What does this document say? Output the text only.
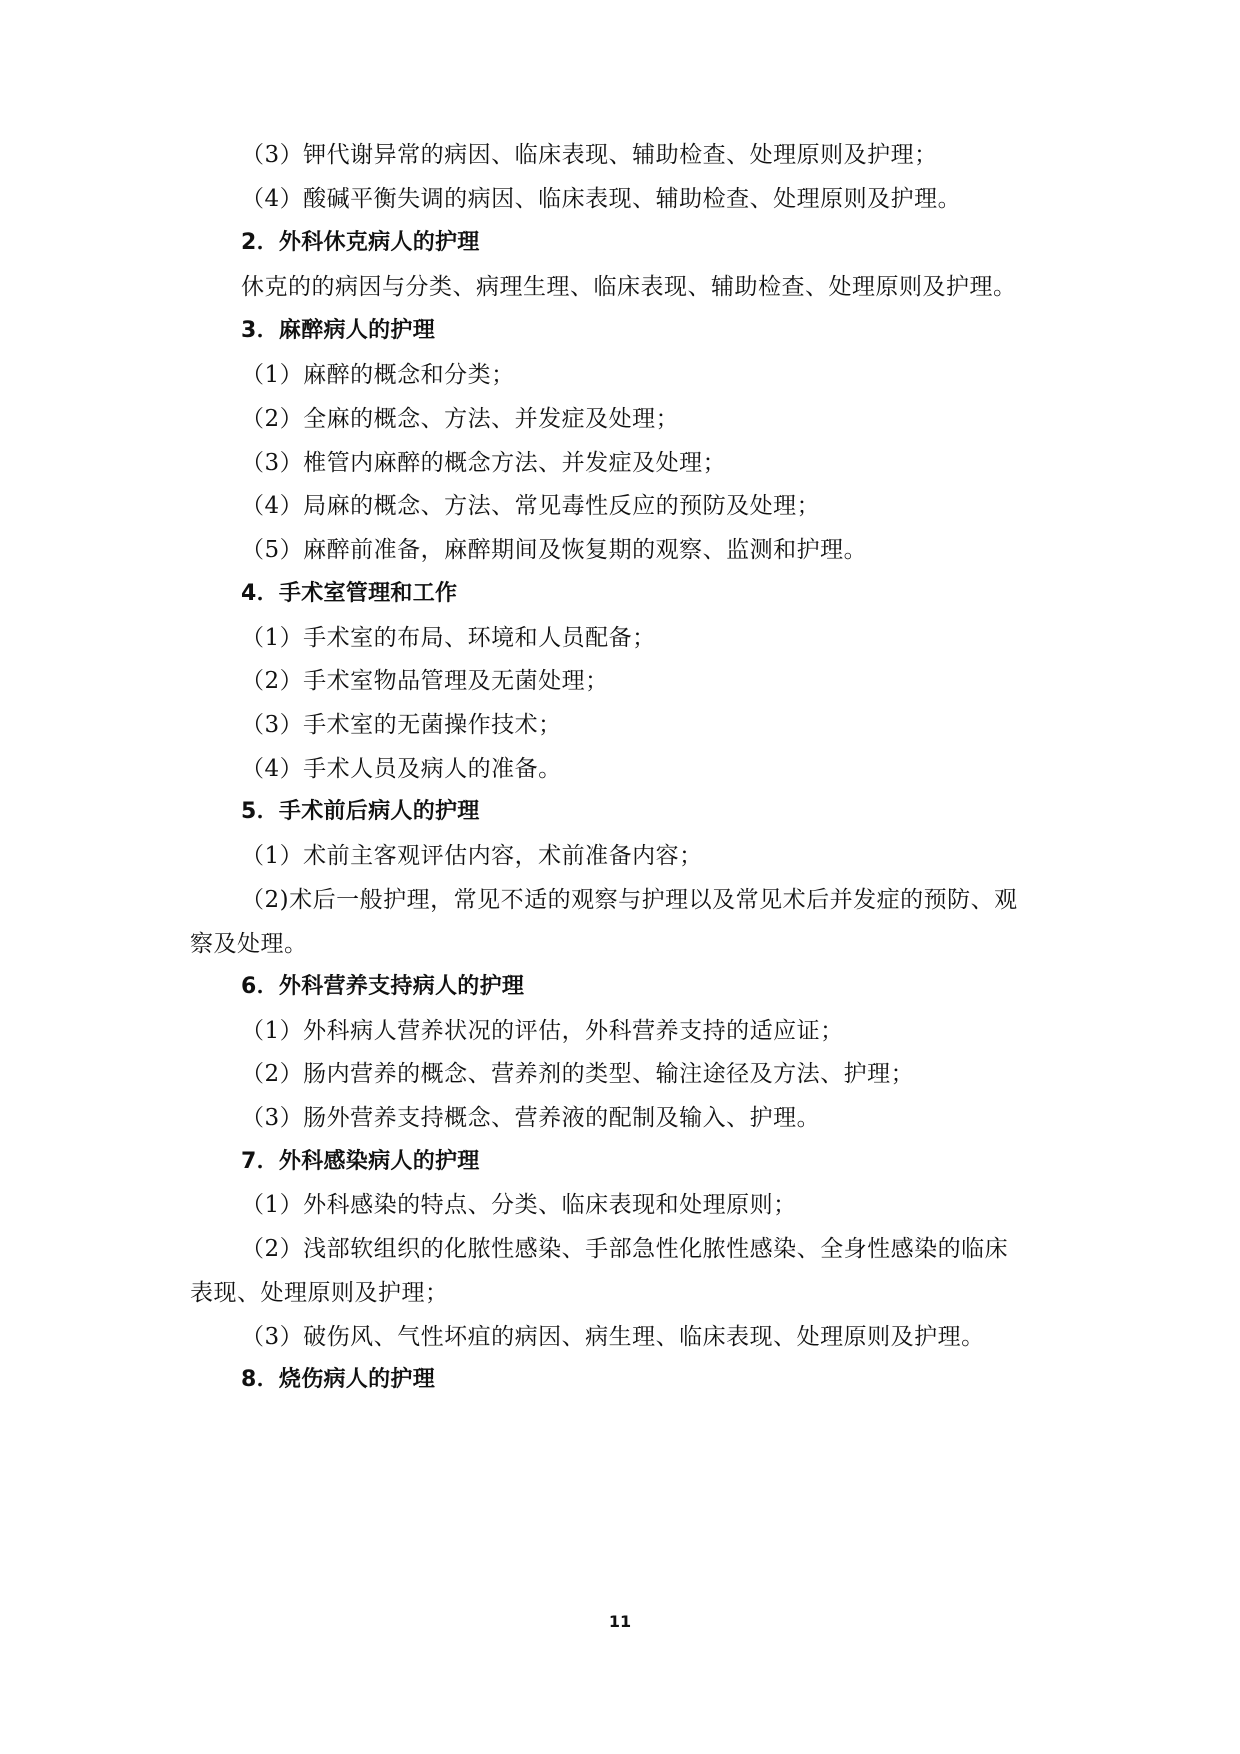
（3）钾代谢异常的病因、临床表现、辅助检查、处理原则及护理；
（4）酸碱平衡失调的病因、临床表现、辅助检查、处理原则及护理。
2．外科休克病人的护理
休克的的病因与分类、病理生理、临床表现、辅助检查、处理原则及护理。
3．麻醉病人的护理
（1）麻醉的概念和分类；
（2）全麻的概念、方法、并发症及处理；
（3）椎管内麻醉的概念方法、并发症及处理；
（4）局麻的概念、方法、常见毒性反应的预防及处理；
（5）麻醉前准备，麻醉期间及恢复期的观察、监测和护理。
4．手术室管理和工作
（1）手术室的布局、环境和人员配备；
（2）手术室物品管理及无菌处理；
（3）手术室的无菌操作技术；
（4）手术人员及病人的准备。
5．手术前后病人的护理
（1）术前主客观评估内容，术前准备内容；
（2)术后一般护理，常见不适的观察与护理以及常见术后并发症的预防、观
察及处理。
6．外科营养支持病人的护理
（1）外科病人营养状况的评估，外科营养支持的适应证；
（2）肠内营养的概念、营养剂的类型、输注途径及方法、护理；
（3）肠外营养支持概念、营养液的配制及输入、护理。
7．外科感染病人的护理
（1）外科感染的特点、分类、临床表现和处理原则；
（2）浅部软组织的化脓性感染、手部急性化脓性感染、全身性感染的临床
表现、处理原则及护理；
（3）破伤风、气性坏疽的病因、病生理、临床表现、处理原则及护理。
8．烧伤病人的护理
11
